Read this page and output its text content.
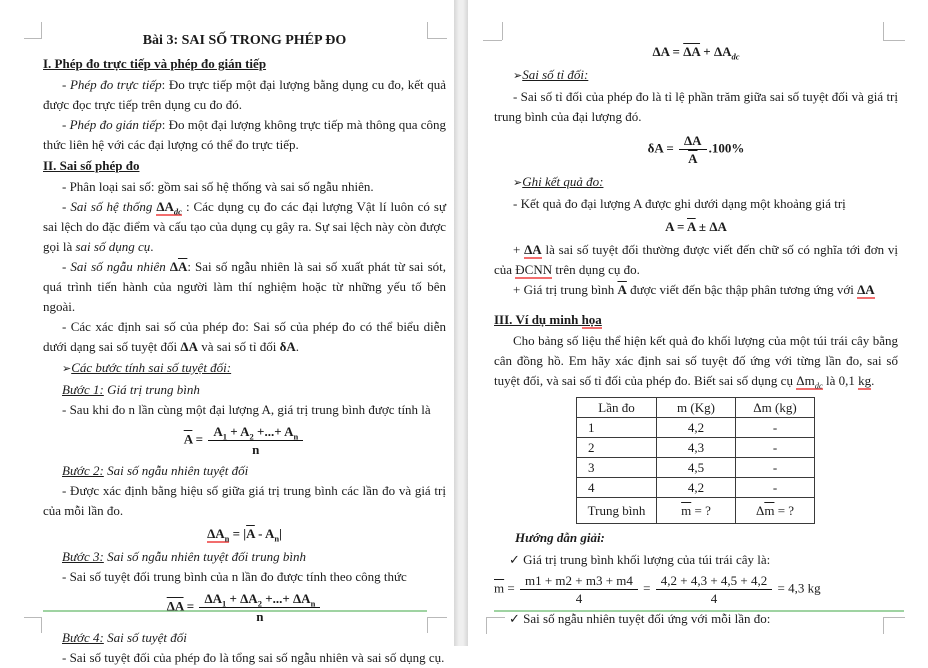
Bài 3: SAI SỐ TRONG PHÉP ĐO
I. Phép đo trực tiếp và phép đo gián tiếp

- Phép đo trực tiếp: Đo trực tiếp một đại lượng bằng dụng cu đo, kết quả được đọc trực tiếp trên dụng cu đo đó.

- Phép đo gián tiếp: Đo một đại lượng không trực tiếp mà thông qua công thức liên hệ với các đại lượng có thể đo trực tiếp.

II. Sai số phép đo

- Phân loại sai số: gồm sai số hệ thống và sai số ngẫu nhiên.

- Sai số hệ thống $\Delta A_{dc}$ : Các dụng cụ đo các đại lượng Vật lí luôn có sự sai lệch do đặc điểm và cấu tạo của dụng cụ gây ra. Sự sai lệch này còn được gọi là sai số dụng cụ.

- Sai số ngẫu nhiên $\Delta\overline{A}$: Sai số ngẫu nhiên là sai số xuất phát từ sai sót, quá trình tiến hành của người làm thí nghiệm hoặc từ những yếu tố bên ngoài.

- Các xác định sai số của phép đo: Sai số của phép đo có thể biểu diễn dưới dạng sai số tuyệt đối ΔA và sai số tỉ đối δA.

➢Các bước tính sai số tuyệt đối:

Bước 1: Giá trị trung bình

- Sau khi đo n lần cùng một đại lượng A, giá trị trung bình được tính là

$\overline{A} = \frac{A_1 + A_2 +...+ A_n}{n}$

Bước 2: Sai số ngẫu nhiên tuyệt đối

- Được xác định bằng hiệu số giữa giá trị trung bình các lần đo và giá trị của mỗi lần đo.

$\Delta A_n = |\overline{A} - A_n|$

Bước 3: Sai số ngẫu nhiên tuyệt đối trung bình

- Sai số tuyệt đối trung bình của n lần đo được tính theo công thức

$\overline{\Delta A} = \frac{\Delta A_1 + \Delta A_2 +...+ \Delta A_n}{n}$

Bước 4: Sai số tuyệt đối

- Sai số tuyệt đối của phép đo là tổng sai số ngẫu nhiên và sai số dụng cụ.

$\Delta A = \overline{\Delta A} + \Delta A_{dc}$
➢Sai số tỉ đối:

- Sai số tỉ đối của phép đo là tỉ lệ phần trăm giữa sai số tuyệt đối và giá trị trung bình của đại lượng đó.

$\delta A = \frac{\Delta A}{A} .100\%$
➢Ghi kết quả đo:

- Kết quả đo đại lượng A được ghi dưới dạng một khoảng giá trị

$A = \overline{A} \pm \Delta A$

+ ΔA là sai số tuyệt đối thường được viết đến chữ số có nghĩa tới đơn vị của ĐCNN trên dụng cụ đo.

+ Giá trị trung bình $\overline{A}$ được viết đến bậc thập phân tương ứng với ΔA

III. Ví dụ minh họa

Cho bảng số liệu thể hiện kết quả đo khối lượng của một túi trái cây bằng cân đồng hồ. Em hãy xác định sai số tuyệt đố ứng với từng lần đo, sai số tuyệt đối, và sai số tỉ đối của phép đo. Biết sai số dụng cụ $\Delta m_{dc}$ là 0,1 kg.

Lần đo	m (Kg)	Δm (kg)
1	4,2	-
2	4,3	-
3	4,5	-
4	4,2	-
Trung bình	$\overline{m}$ = ?	$\Delta\overline{m}$ = ?

Hướng dẫn giải:

✓ Giá trị trung bình khối lượng của túi trái cây là:

$\overline{m} = \frac{m1 + m2 + m3 + m4}{4} = \frac{4,2 + 4,3 + 4,5 + 4,2}{4} = 4,3$ kg

✓ Sai số ngẫu nhiên tuyệt đối ứng với mỗi lần đo:
